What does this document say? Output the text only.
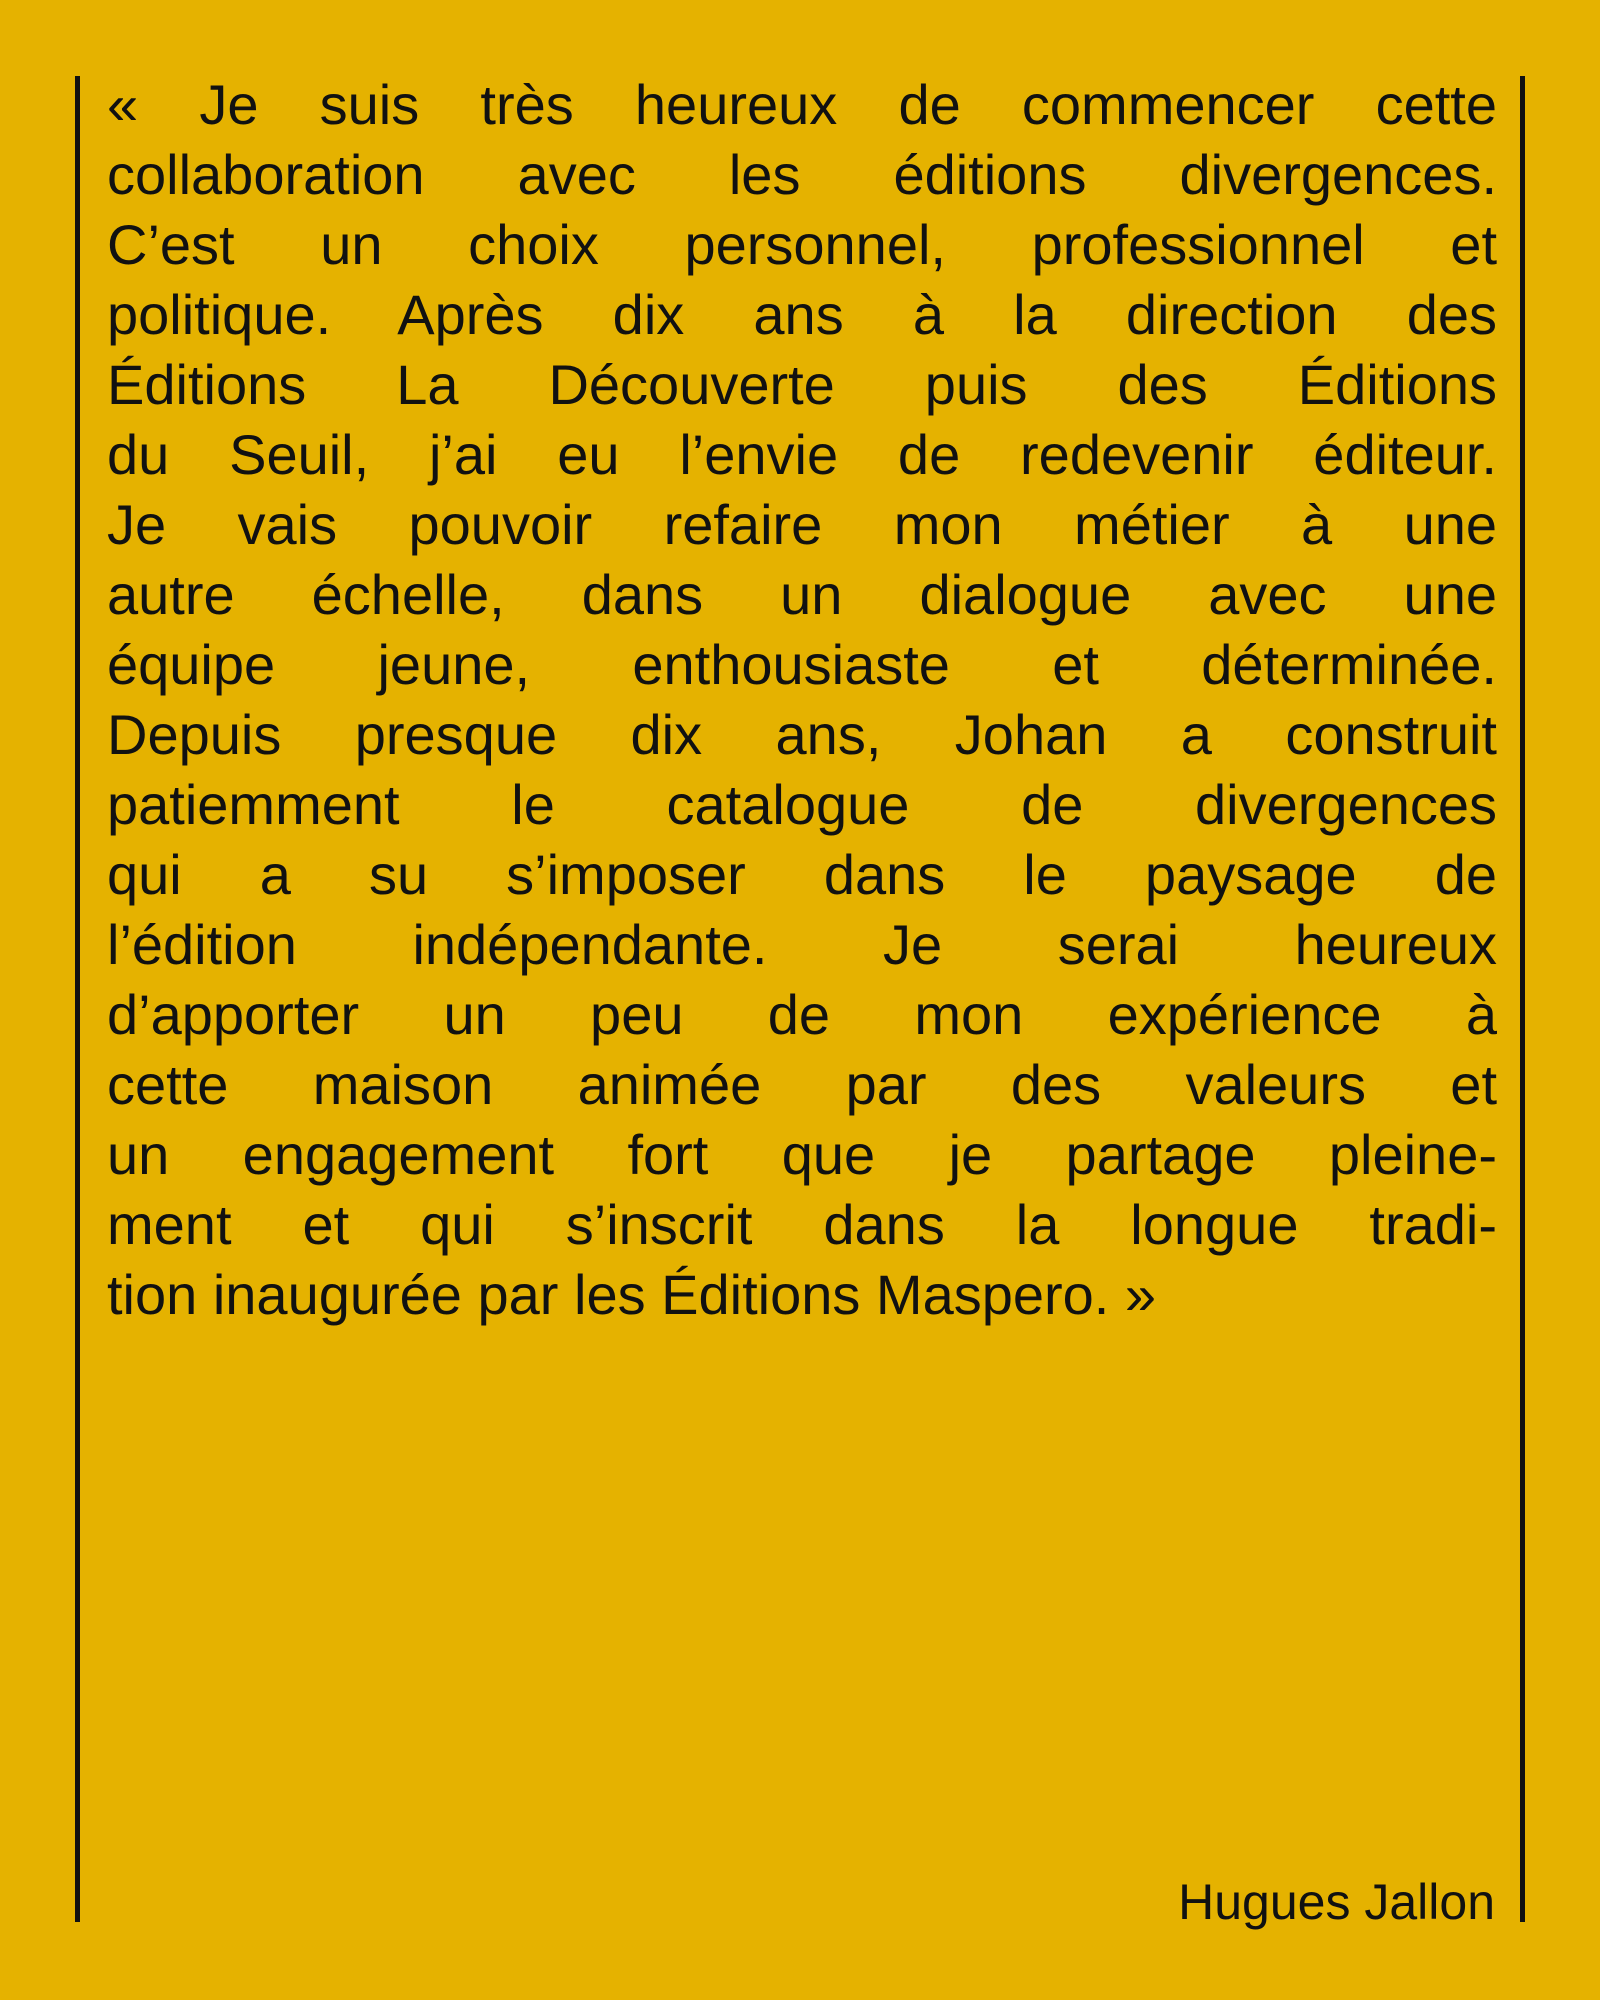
« Je suis très heureux de commencer cette
collaboration avec les éditions divergences.
C’est un choix personnel, professionnel et
politique. Après dix ans à la direction des
Éditions La Découverte puis des Éditions
du Seuil, j’ai eu l’envie de redevenir éditeur.
Je vais pouvoir refaire mon métier à une
autre échelle, dans un dialogue avec une
équipe jeune, enthousiaste et déterminée.
Depuis presque dix ans, Johan a construit
patiemment le catalogue de divergences
qui a su s’imposer dans le paysage de
l’édition indépendante. Je serai heureux
d’apporter un peu de mon expérience à
cette maison animée par des valeurs et
un engagement fort que je partage pleine-
ment et qui s’inscrit dans la longue tradi-
tion inaugurée par les Éditions Maspero. »

Hugues Jallon
